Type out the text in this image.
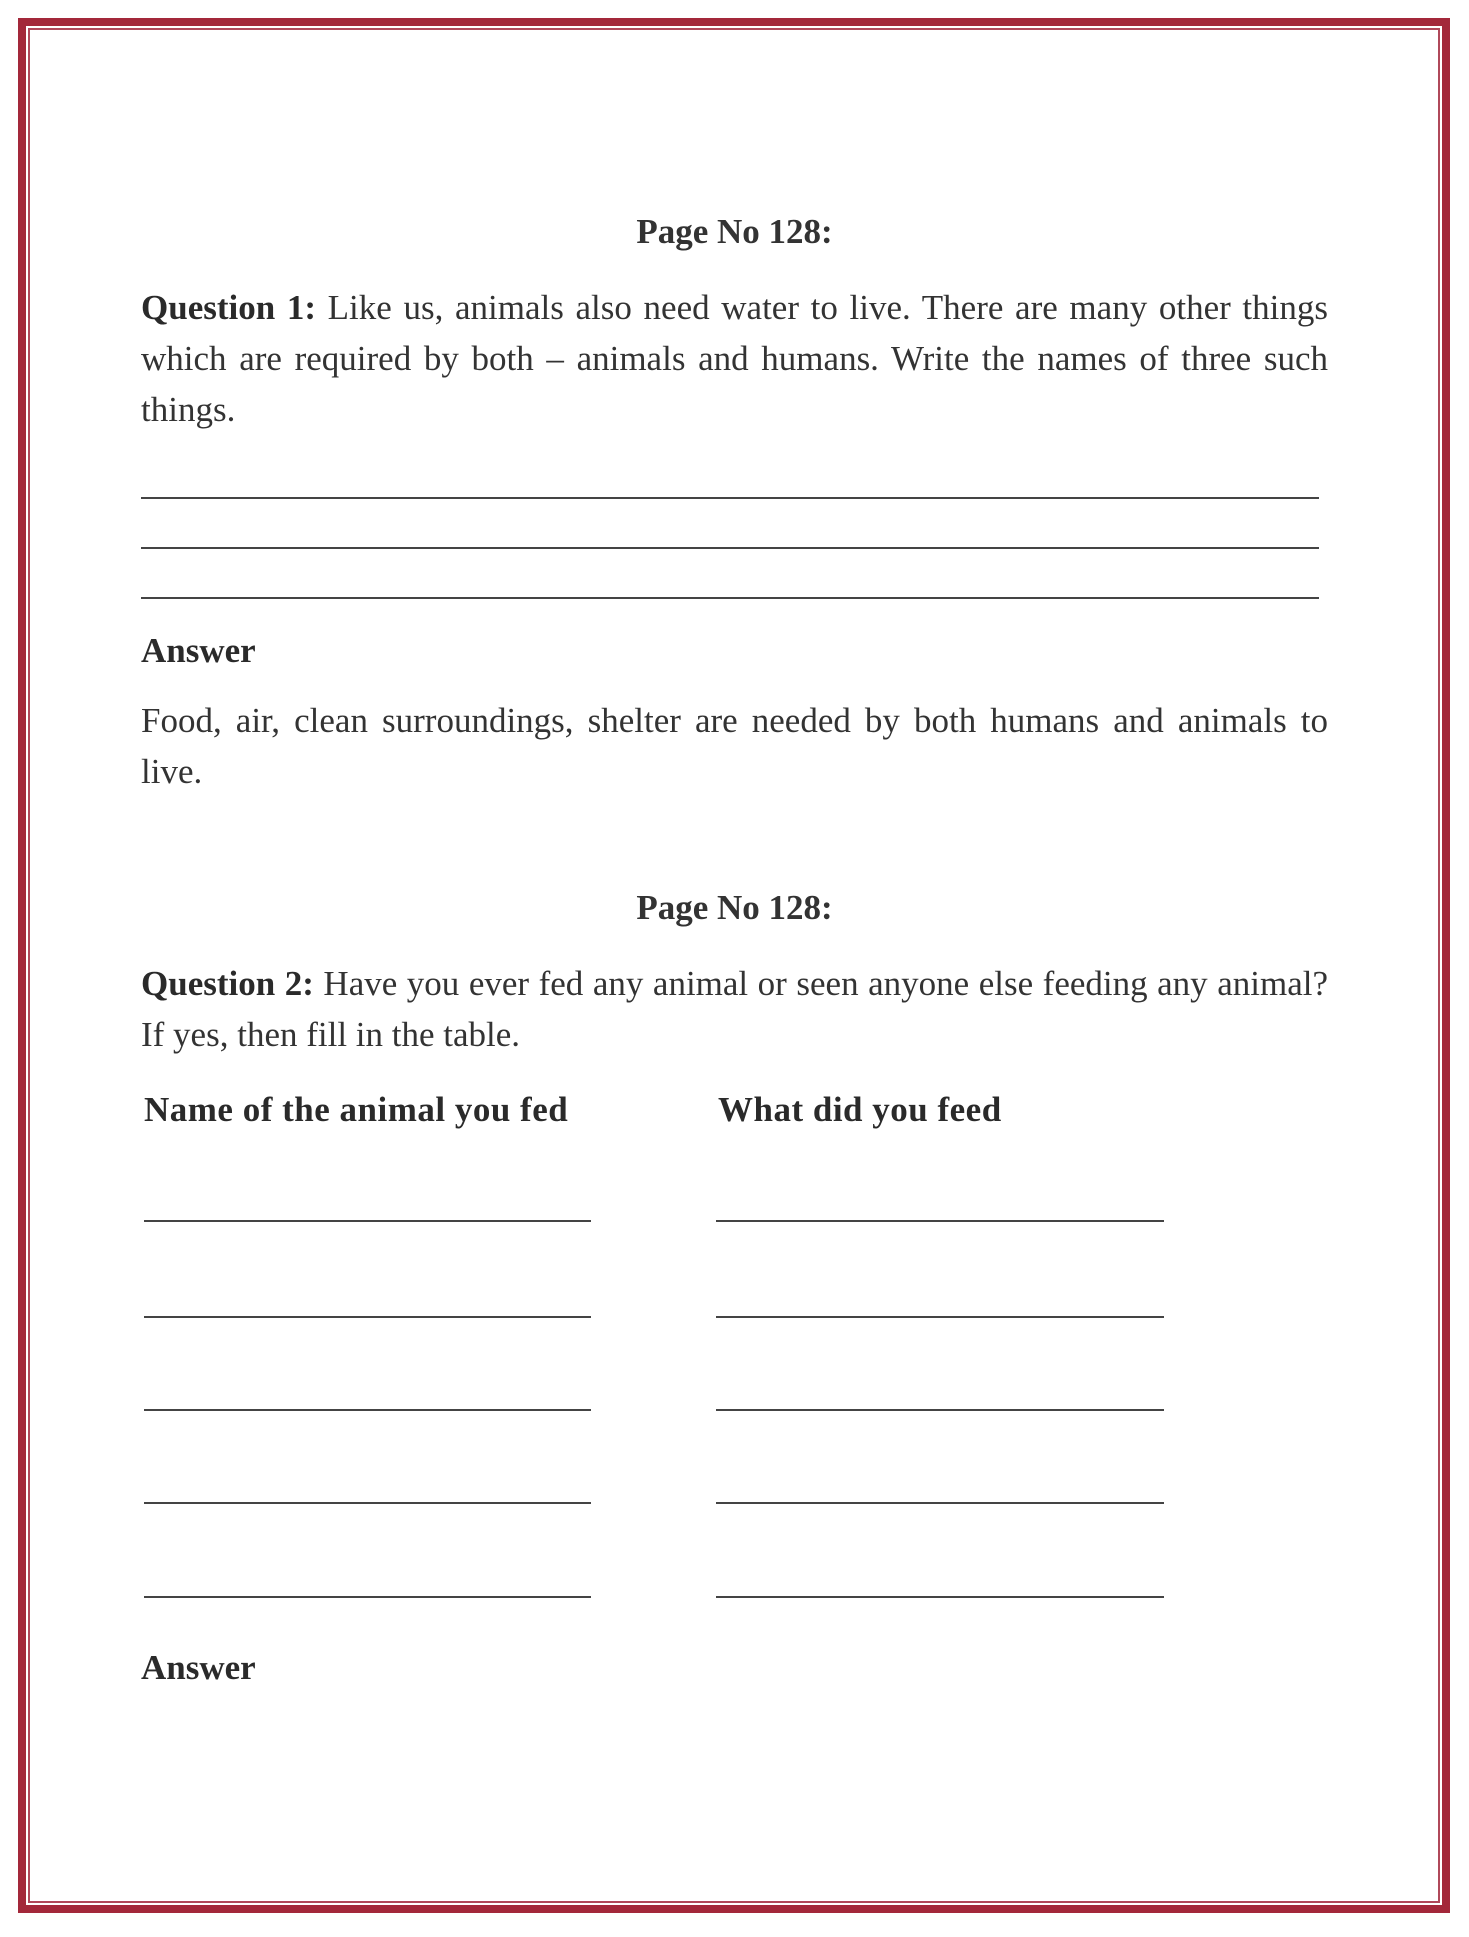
Page No 128:
Question 1: Like us, animals also need water to live. There are many other things which are required by both – animals and humans. Write the names of three such things.
Answer
Food, air, clean surroundings, shelter are needed by both humans and animals to live.
Page No 128:
Question 2: Have you ever fed any animal or seen anyone else feeding any animal? If yes, then fill in the table.
Name of the animal you fed	What did you feed
Answer
